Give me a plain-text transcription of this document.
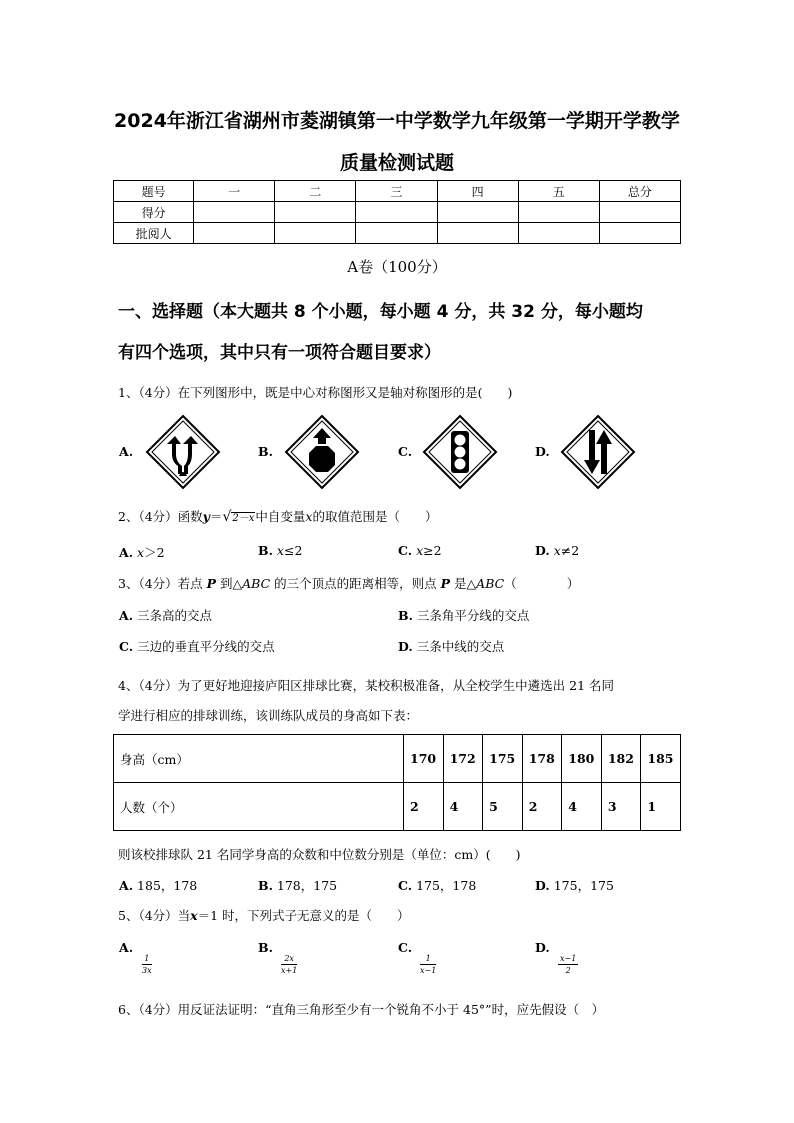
2024年浙江省湖州市菱湖镇第一中学数学九年级第一学期开学教学
质量检测试题
题号	一	二	三	四	五	总分
得分						
批阅人						
A卷（100分）
一、选择题（本大题共 8 个小题，每小题 4 分，共 32 分，每小题均
有四个选项，其中只有一项符合题目要求）
1、（4分）在下列图形中，既是中心对称图形又是轴对称图形的是(　　)
A.	B.	C.	D.
2、（4分）函数y＝√2－x中自变量x的取值范围是（　　）
A. x＞2	B. x≤2	C. x≥2	D. x≠2
3、（4分）若点 P 到△ABC 的三个顶点的距离相等，则点 P 是△ABC（　　　　）
A. 三条高的交点	B. 三条角平分线的交点
C. 三边的垂直平分线的交点	D. 三条中线的交点
4、（4分）为了更好地迎接庐阳区排球比赛，某校积极准备，从全校学生中遴选出 21 名同
学进行相应的排球训练，该训练队成员的身高如下表：
身高（cm）	170	172	175	178	180	182	185
人数（个）	2	4	5	2	4	3	1
则该校排球队 21 名同学身高的众数和中位数分别是（单位：cm）(　　)
A. 185，178	B. 178，175	C. 175，178	D. 175，175
5、（4分）当x＝1 时，下列式子无意义的是（　　）
A.
$\frac{1}{3x}$
B.
$\frac{2x}{x+1}$
C.
$\frac{1}{x-1}$
D.
$\frac{x-1}{2}$
6、（4分）用反证法证明：“直角三角形至少有一个锐角不小于 45°”时，应先假设（　）
